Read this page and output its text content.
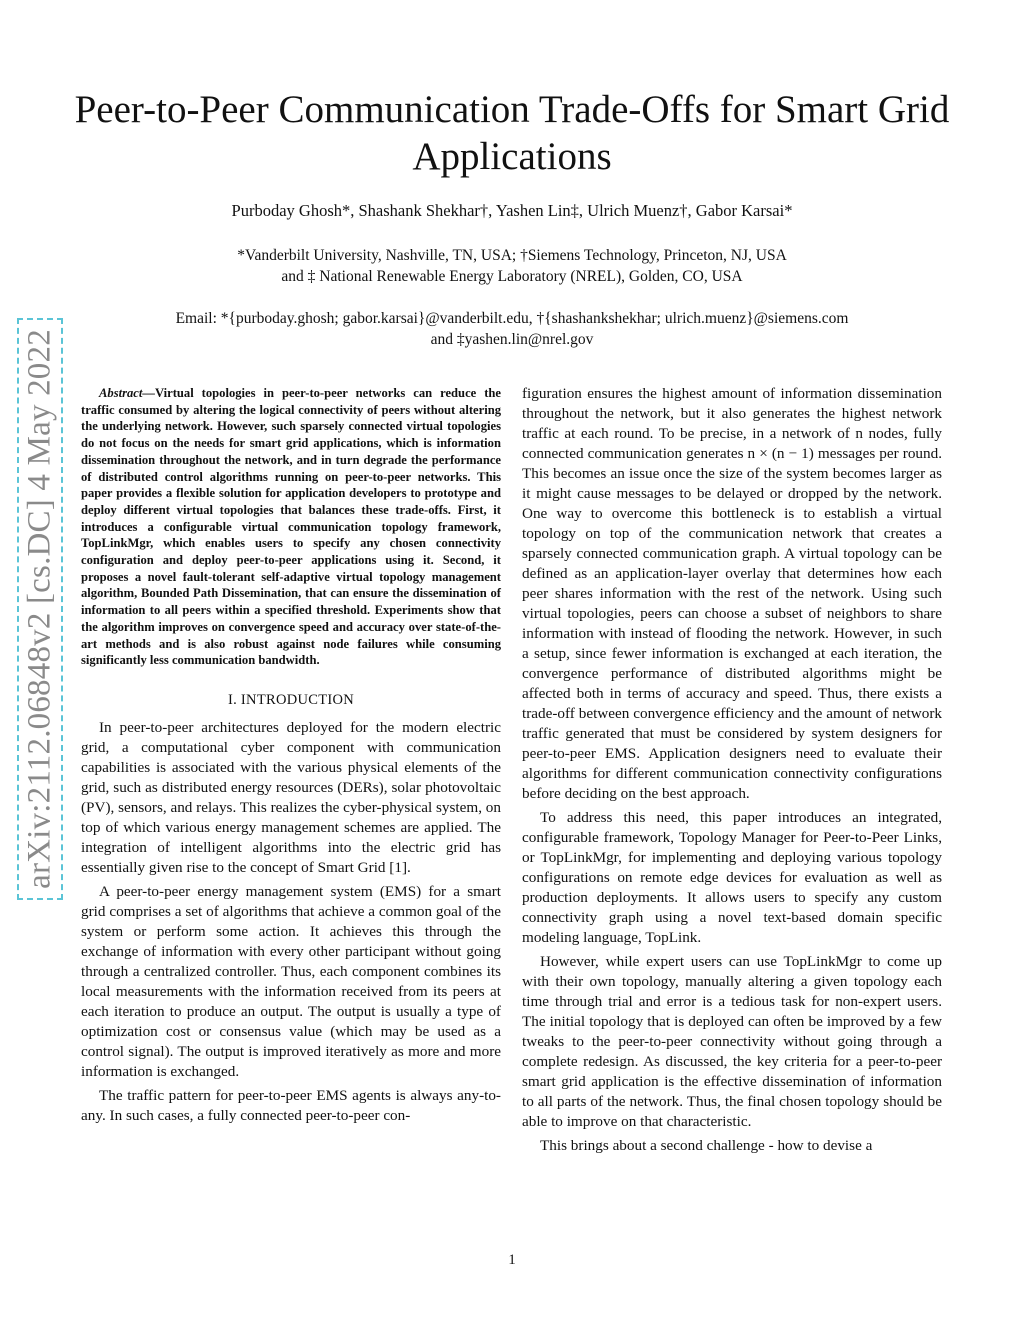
arXiv:2112.06848v2 [cs.DC] 4 May 2022
Peer-to-Peer Communication Trade-Offs for Smart Grid Applications
Purboday Ghosh*, Shashank Shekhar†, Yashen Lin‡, Ulrich Muenz†, Gabor Karsai*
*Vanderbilt University, Nashville, TN, USA; †Siemens Technology, Princeton, NJ, USA
and ‡ National Renewable Energy Laboratory (NREL), Golden, CO, USA
Email: *{purboday.ghosh; gabor.karsai}@vanderbilt.edu, †{shashankshekhar; ulrich.muenz}@siemens.com
and ‡yashen.lin@nrel.gov
Abstract—Virtual topologies in peer-to-peer networks can reduce the traffic consumed by altering the logical connectivity of peers without altering the underlying network. However, such sparsely connected virtual topologies do not focus on the needs for smart grid applications, which is information dissemination throughout the network, and in turn degrade the performance of distributed control algorithms running on peer-to-peer networks. This paper provides a flexible solution for application developers to prototype and deploy different virtual topologies that balances these trade-offs. First, it introduces a configurable virtual communication topology framework, TopLinkMgr, which enables users to specify any chosen connectivity configuration and deploy peer-to-peer applications using it. Second, it proposes a novel fault-tolerant self-adaptive virtual topology management algorithm, Bounded Path Dissemination, that can ensure the dissemination of information to all peers within a specified threshold. Experiments show that the algorithm improves on convergence speed and accuracy over state-of-the-art methods and is also robust against node failures while consuming significantly less communication bandwidth.
I. INTRODUCTION

In peer-to-peer architectures deployed for the modern electric grid, a computational cyber component with communication capabilities is associated with the various physical elements of the grid, such as distributed energy resources (DERs), solar photovoltaic (PV), sensors, and relays. This realizes the cyber-physical system, on top of which various energy management schemes are applied. The integration of intelligent algorithms into the electric grid has essentially given rise to the concept of Smart Grid [1].

A peer-to-peer energy management system (EMS) for a smart grid comprises a set of algorithms that achieve a common goal of the system or perform some action. It achieves this through the exchange of information with every other participant without going through a centralized controller. Thus, each component combines its local measurements with the information received from its peers at each iteration to produce an output. The output is usually a type of optimization cost or consensus value (which may be used as a control signal). The output is improved iteratively as more and more information is exchanged.

The traffic pattern for peer-to-peer EMS agents is always any-to-any. In such cases, a fully connected peer-to-peer con-

figuration ensures the highest amount of information dissemination throughout the network, but it also generates the highest network traffic at each round. To be precise, in a network of n nodes, fully connected communication generates n × (n − 1) messages per round. This becomes an issue once the size of the system becomes larger as it might cause messages to be delayed or dropped by the network. One way to overcome this bottleneck is to establish a virtual topology on top of the communication network that creates a sparsely connected communication graph. A virtual topology can be defined as an application-layer overlay that determines how each peer shares information with the rest of the network. Using such virtual topologies, peers can choose a subset of neighbors to share information with instead of flooding the network. However, in such a setup, since fewer information is exchanged at each iteration, the convergence performance of distributed algorithms might be affected both in terms of accuracy and speed. Thus, there exists a trade-off between convergence efficiency and the amount of network traffic generated that must be considered by system designers for peer-to-peer EMS. Application designers need to evaluate their algorithms for different communication connectivity configurations before deciding on the best approach.

To address this need, this paper introduces an integrated, configurable framework, Topology Manager for Peer-to-Peer Links, or TopLinkMgr, for implementing and deploying various topology configurations on remote edge devices for evaluation as well as production deployments. It allows users to specify any custom connectivity graph using a novel text-based domain specific modeling language, TopLink.

However, while expert users can use TopLinkMgr to come up with their own topology, manually altering a given topology each time through trial and error is a tedious task for non-expert users. The initial topology that is deployed can often be improved by a few tweaks to the peer-to-peer connectivity without going through a complete redesign. As discussed, the key criteria for a peer-to-peer smart grid application is the effective dissemination of information to all parts of the network. Thus, the final chosen topology should be able to improve on that characteristic.

This brings about a second challenge - how to devise a

1
